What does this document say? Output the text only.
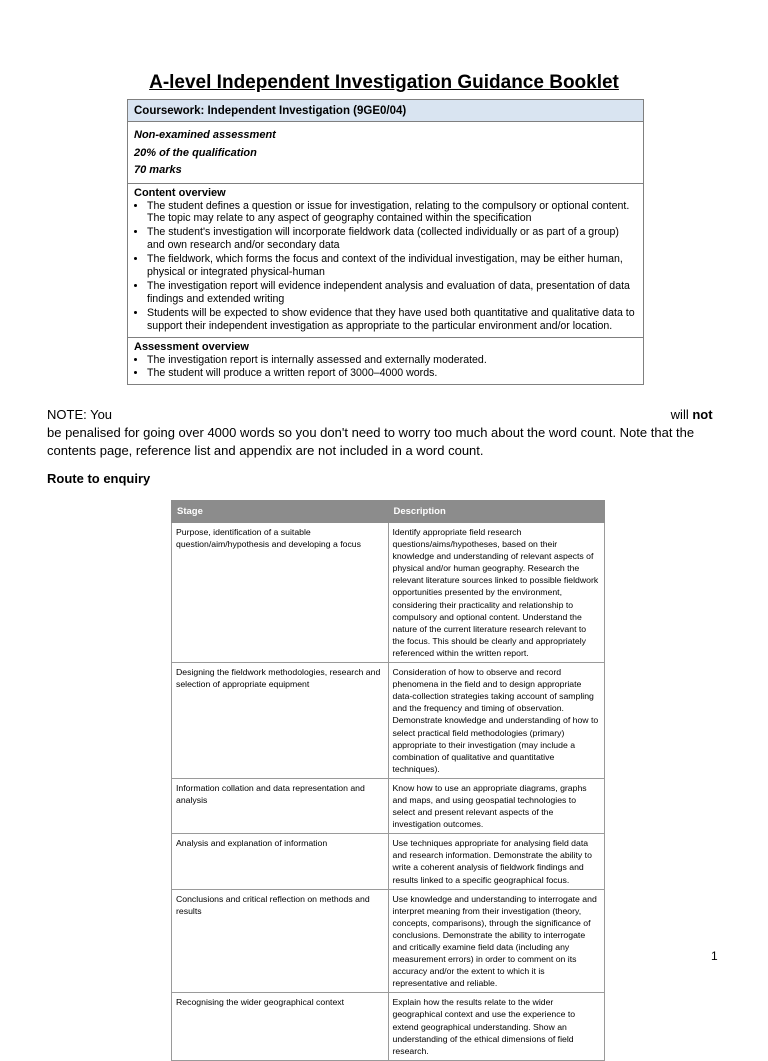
A-level Independent Investigation Guidance Booklet
Coursework: Independent Investigation (9GE0/04)
Non-examined assessment
20% of the qualification
70 marks
Content overview
• The student defines a question or issue for investigation, relating to the compulsory or optional content. The topic may relate to any aspect of geography contained within the specification
• The student's investigation will incorporate fieldwork data (collected individually or as part of a group) and own research and/or secondary data
• The fieldwork, which forms the focus and context of the individual investigation, may be either human, physical or integrated physical-human
• The investigation report will evidence independent analysis and evaluation of data, presentation of data findings and extended writing
• Students will be expected to show evidence that they have used both quantitative and qualitative data to support their independent investigation as appropriate to the particular environment and/or location.
Assessment overview
• The investigation report is internally assessed and externally moderated.
• The student will produce a written report of 3000–4000 words.
NOTE: You	will not be penalised for going over 4000 words so you don't need to worry too much about the word count. Note that the contents page, reference list and appendix are not included in a word count.
Route to enquiry
Stage	Description
Purpose, identification of a suitable question/aim/hypothesis and developing a focus	Identify appropriate field research questions/aims/hypotheses, based on their knowledge and understanding of relevant aspects of physical and/or human geography. Research the relevant literature sources linked to possible fieldwork opportunities presented by the environment, considering their practicality and relationship to compulsory and optional content. Understand the nature of the current literature research relevant to the focus. This should be clearly and appropriately referenced within the written report.
Designing the fieldwork methodologies, research and selection of appropriate equipment	Consideration of how to observe and record phenomena in the field and to design appropriate data-collection strategies taking account of sampling and the frequency and timing of observation. Demonstrate knowledge and understanding of how to select practical field methodologies (primary) appropriate to their investigation (may include a combination of qualitative and quantitative techniques).
Information collation and data representation and analysis	Know how to use an appropriate diagrams, graphs and maps, and using geospatial technologies to select and present relevant aspects of the investigation outcomes.
Analysis and explanation of information	Use techniques appropriate for analysing field data and research information. Demonstrate the ability to write a coherent analysis of fieldwork findings and results linked to a specific geographical focus.
Conclusions and critical reflection on methods and results	Use knowledge and understanding to interrogate and interpret meaning from their investigation (theory, concepts, comparisons), through the significance of conclusions. Demonstrate the ability to interrogate and critically examine field data (including any measurement errors) in order to comment on its accuracy and/or the extent to which it is representative and reliable.
Recognising the wider geographical context	Explain how the results relate to the wider geographical context and use the experience to extend geographical understanding. Show an understanding of the ethical dimensions of field research.
1
